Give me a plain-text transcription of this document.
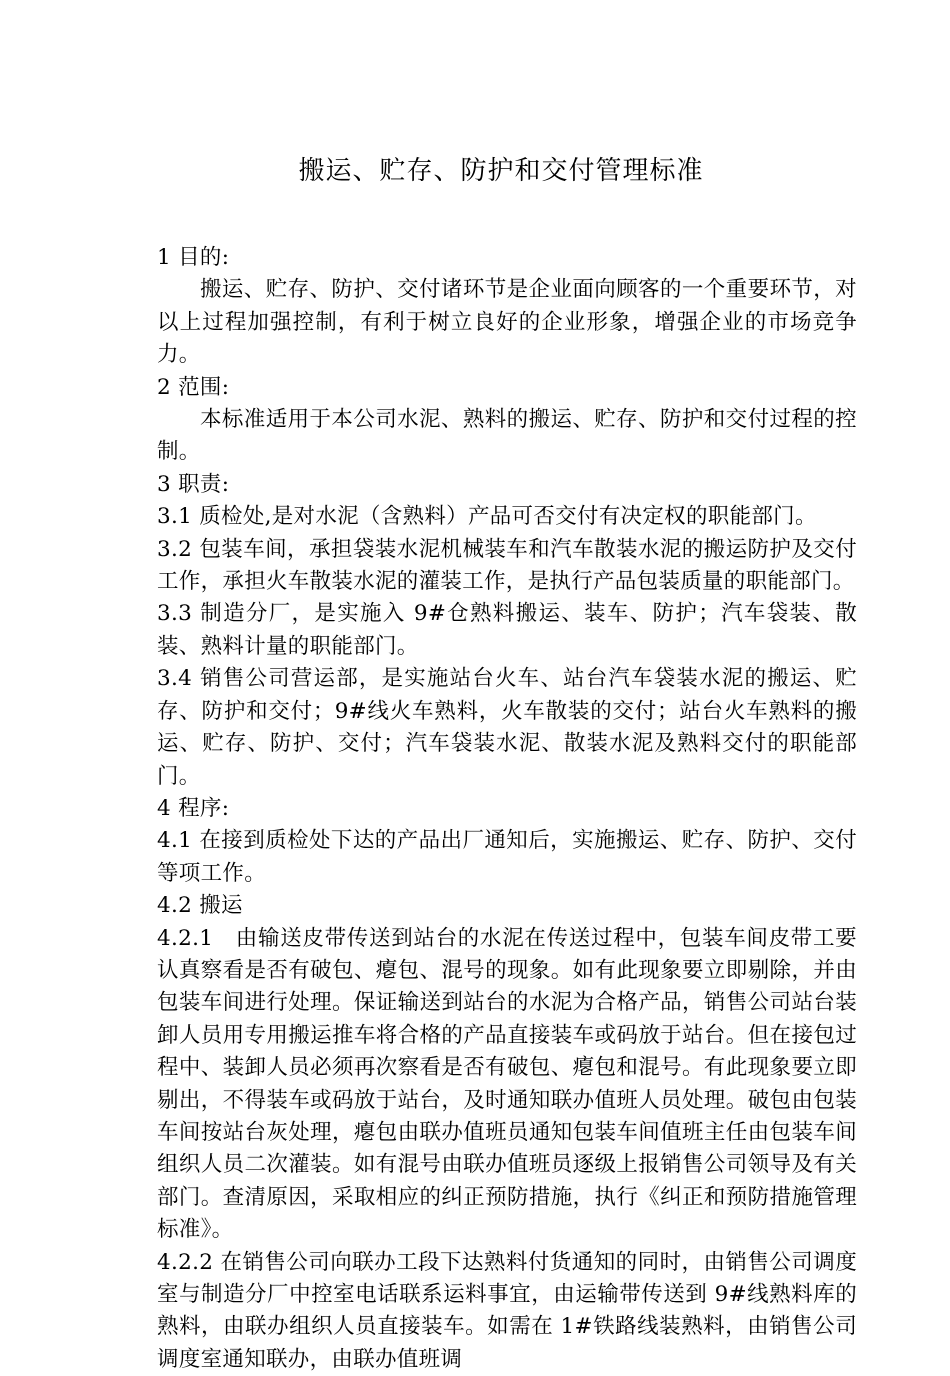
搬运、贮存、防护和交付管理标准

1 目的:

搬运、贮存、防护、交付诸环节是企业面向顾客的一个重要环节，对以上过程加强控制，有利于树立良好的企业形象，增强企业的市场竞争力。

2 范围:

本标准适用于本公司水泥、熟料的搬运、贮存、防护和交付过程的控制。

3 职责:

3.1 质检处,是对水泥（含熟料）产品可否交付有决定权的职能部门。

3.2 包装车间，承担袋装水泥机械装车和汽车散装水泥的搬运防护及交付工作，承担火车散装水泥的灌装工作，是执行产品包装质量的职能部门。

3.3 制造分厂，是实施入 9#仓熟料搬运、装车、防护；汽车袋装、散装、熟料计量的职能部门。

3.4 销售公司营运部，是实施站台火车、站台汽车袋装水泥的搬运、贮存、防护和交付；9#线火车熟料，火车散装的交付；站台火车熟料的搬运、贮存、防护、交付；汽车袋装水泥、散装水泥及熟料交付的职能部门。

4 程序:

4.1 在接到质检处下达的产品出厂通知后，实施搬运、贮存、防护、交付等项工作。

4.2 搬运

4.2.1　由输送皮带传送到站台的水泥在传送过程中，包装车间皮带工要认真察看是否有破包、瘪包、混号的现象。如有此现象要立即剔除，并由包装车间进行处理。保证输送到站台的水泥为合格产品，销售公司站台装卸人员用专用搬运推车将合格的产品直接装车或码放于站台。但在接包过程中、装卸人员必须再次察看是否有破包、瘪包和混号。有此现象要立即剔出，不得装车或码放于站台，及时通知联办值班人员处理。破包由包装车间按站台灰处理，瘪包由联办值班员通知包装车间值班主任由包装车间组织人员二次灌装。如有混号由联办值班员逐级上报销售公司领导及有关部门。查清原因，采取相应的纠正预防措施，执行《纠正和预防措施管理标准》。

4.2.2 在销售公司向联办工段下达熟料付货通知的同时，由销售公司调度室与制造分厂中控室电话联系运料事宜，由运输带传送到 9#线熟料库的熟料，由联办组织人员直接装车。如需在 1#铁路线装熟料，由销售公司调度室通知联办，由联办值班调
